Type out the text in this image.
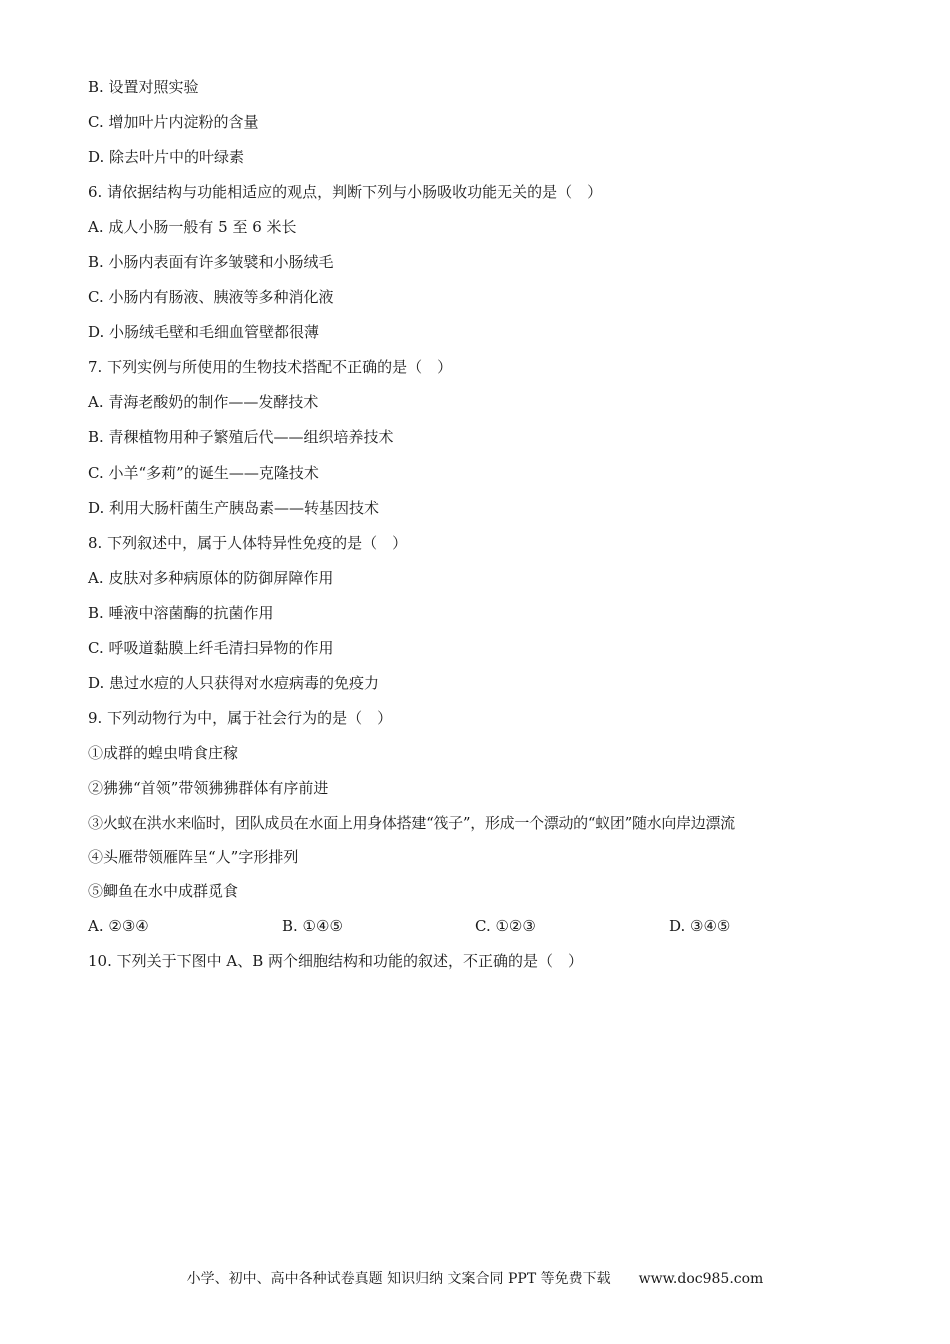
B. 设置对照实验
C. 增加叶片内淀粉的含量
D. 除去叶片中的叶绿素
6. 请依据结构与功能相适应的观点，判断下列与小肠吸收功能无关的是（　）
A. 成人小肠一般有 5 至 6 米长
B. 小肠内表面有许多皱襞和小肠绒毛
C. 小肠内有肠液、胰液等多种消化液
D. 小肠绒毛壁和毛细血管壁都很薄
7. 下列实例与所使用的生物技术搭配不正确的是（　）
A. 青海老酸奶的制作——发酵技术
B. 青稞植物用种子繁殖后代——组织培养技术
C. 小羊“多莉”的诞生——克隆技术
D. 利用大肠杆菌生产胰岛素——转基因技术
8. 下列叙述中，属于人体特异性免疫的是（　）
A. 皮肤对多种病原体的防御屏障作用
B. 唾液中溶菌酶的抗菌作用
C. 呼吸道黏膜上纤毛清扫异物的作用
D. 患过水痘的人只获得对水痘病毒的免疫力
9. 下列动物行为中，属于社会行为的是（　）
①成群的蝗虫啃食庄稼
②狒狒“首领”带领狒狒群体有序前进
③火蚁在洪水来临时，团队成员在水面上用身体搭建“筏子”，形成一个漂动的“蚁团”随水向岸边漂流
④头雁带领雁阵呈“人”字形排列
⑤鲫鱼在水中成群觅食
A. ②③④	B. ①④⑤	C. ①②③	D. ③④⑤
10. 下列关于下图中 A、B 两个细胞结构和功能的叙述，不正确的是（　）
小学、初中、高中各种试卷真题 知识归纳 文案合同 PPT 等免费下载　　www.doc985.com
